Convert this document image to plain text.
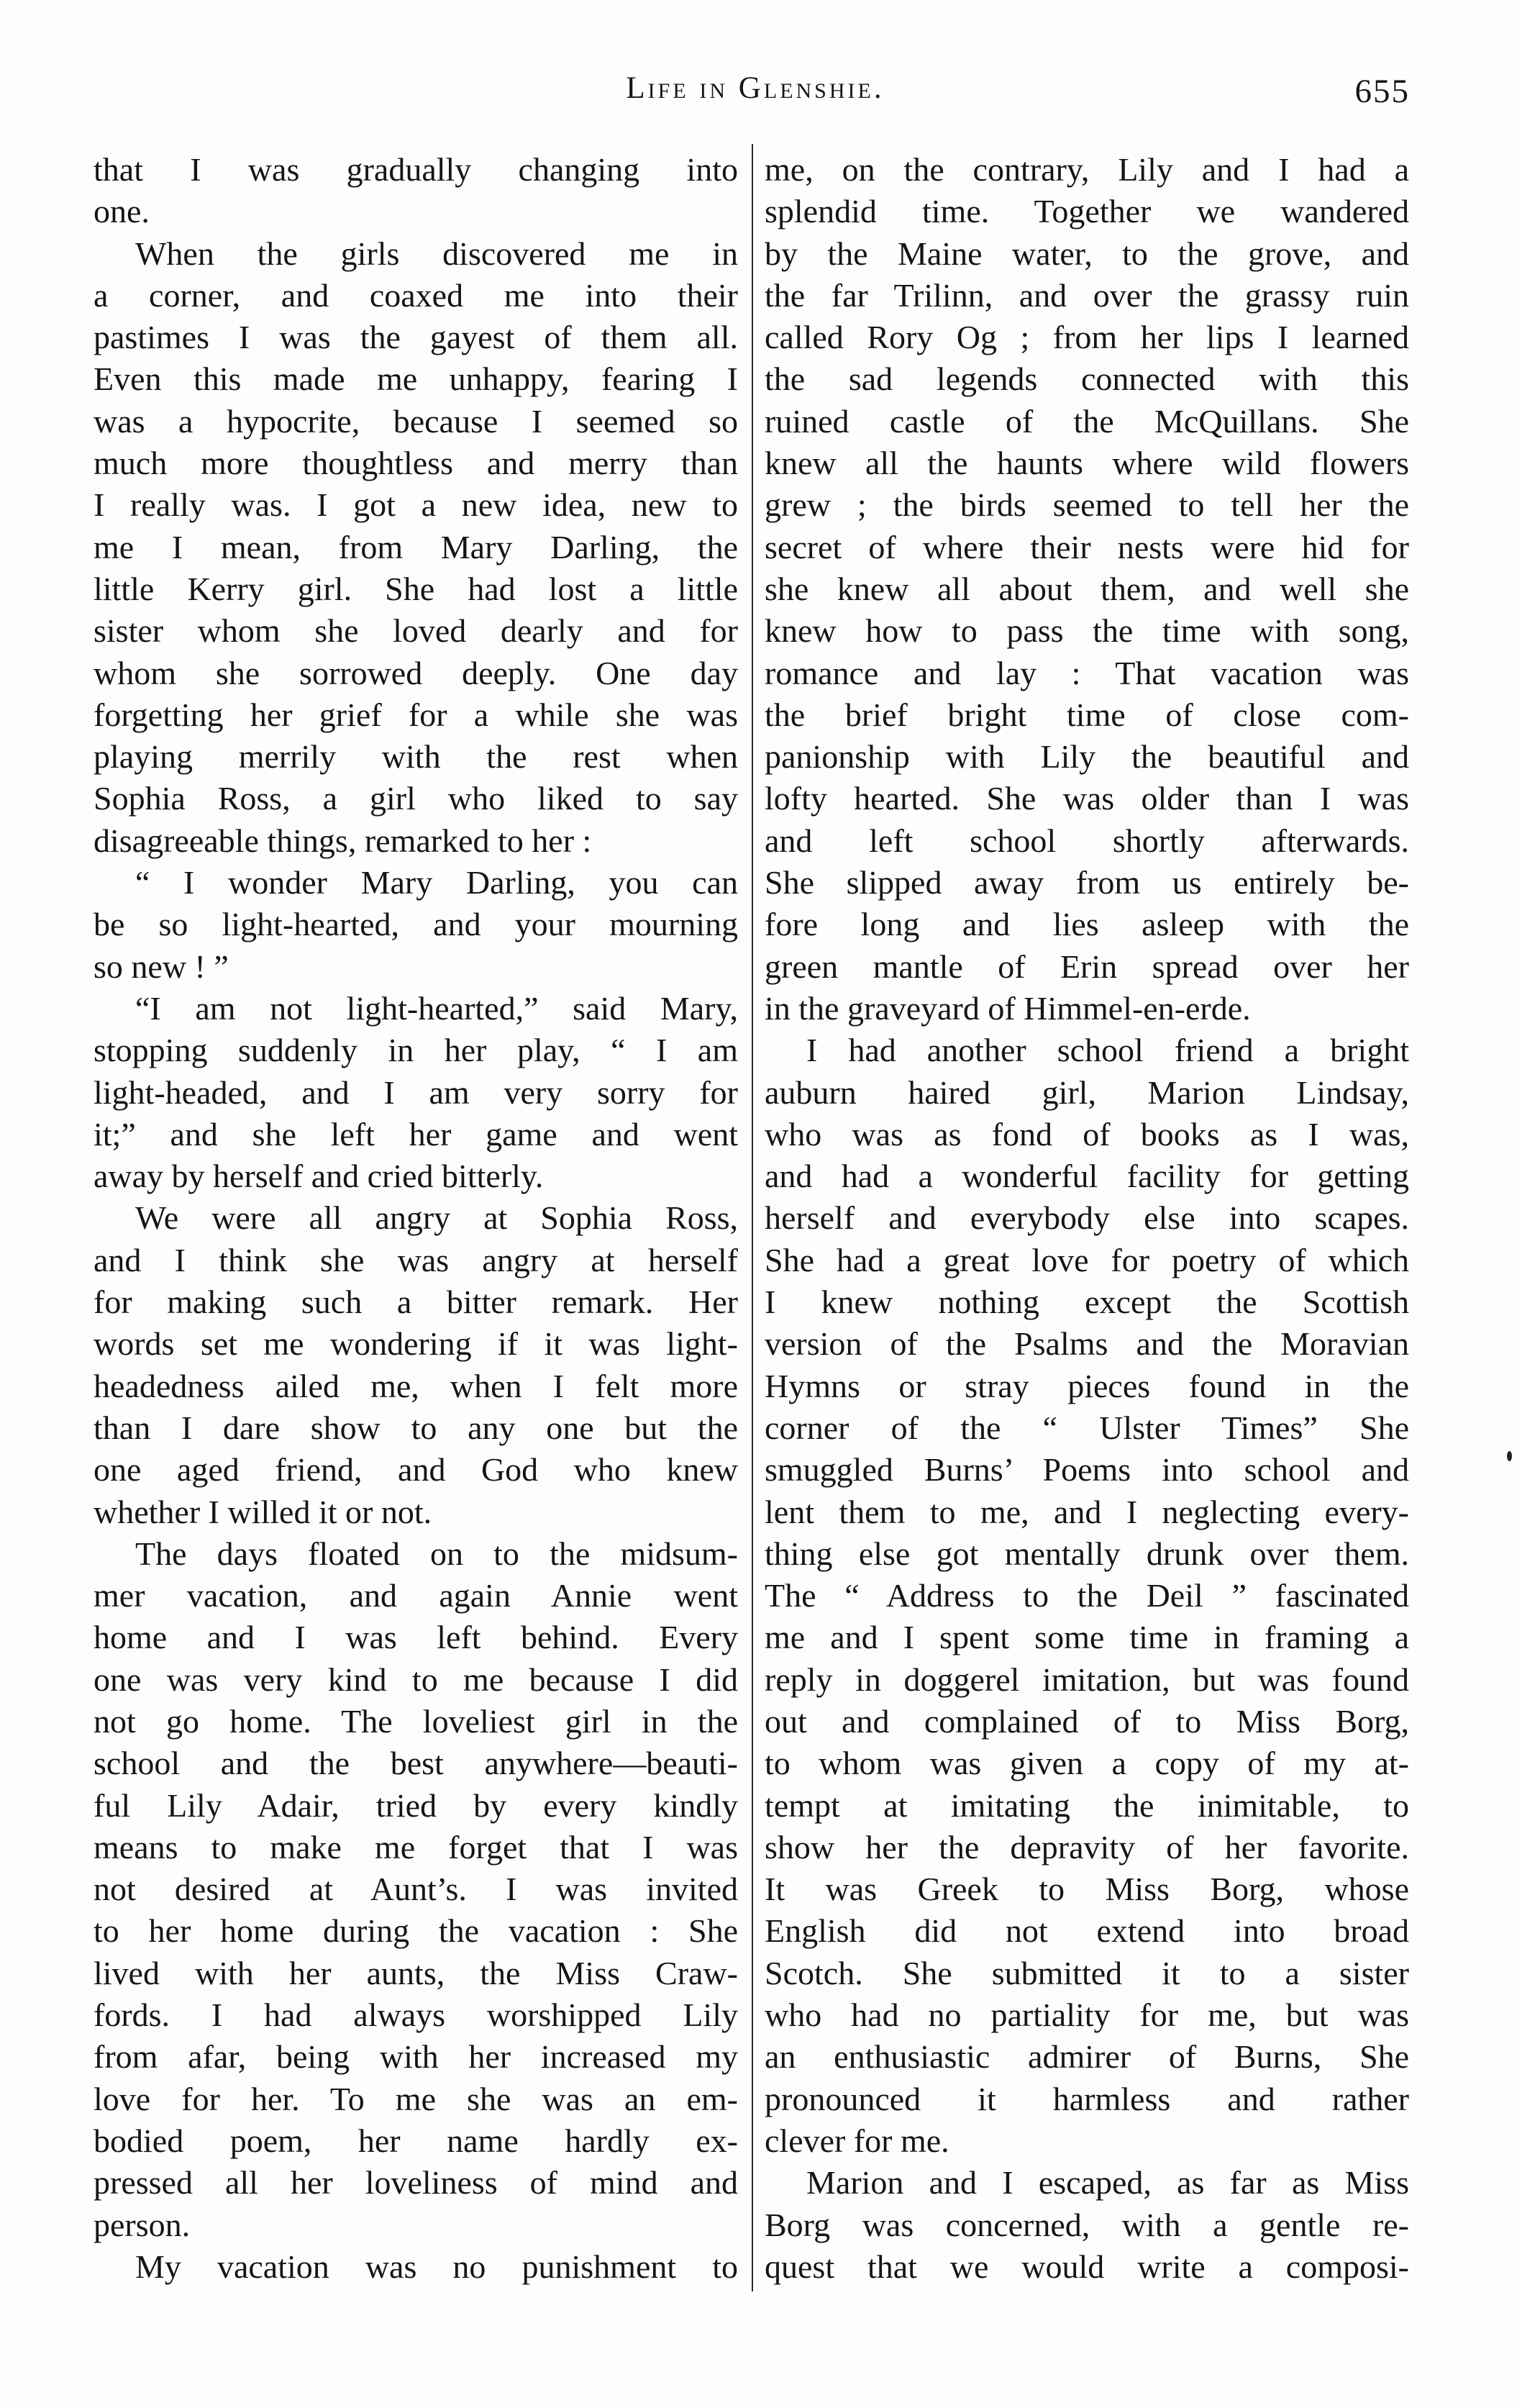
Life in Glenshie.	655
that I was gradually changing into
one.
When the girls discovered me in
a corner, and coaxed me into their
pastimes I was the gayest of them all.
Even this made me unhappy, fearing I
was a hypocrite, because I seemed so
much more thoughtless and merry than
I really was. I got a new idea, new to
me I mean, from Mary Darling, the
little Kerry girl. She had lost a little
sister whom she loved dearly and for
whom she sorrowed deeply. One day
forgetting her grief for a while she was
playing merrily with the rest when
Sophia Ross, a girl who liked to say
disagreeable things, remarked to her :
“ I wonder Mary Darling, you can
be so light-hearted, and your mourning
so new ! ”
“I am not light-hearted,” said Mary,
stopping suddenly in her play, “ I am
light-headed, and I am very sorry for
it;” and she left her game and went
away by herself and cried bitterly.
We were all angry at Sophia Ross,
and I think she was angry at herself
for making such a bitter remark. Her
words set me wondering if it was light-
headedness ailed me, when I felt more
than I dare show to any one but the
one aged friend, and God who knew
whether I willed it or not.
The days floated on to the midsum-
mer vacation, and again Annie went
home and I was left behind. Every
one was very kind to me because I did
not go home. The loveliest girl in the
school and the best anywhere—beauti-
ful Lily Adair, tried by every kindly
means to make me forget that I was
not desired at Aunt’s. I was invited
to her home during the vacation : She
lived with her aunts, the Miss Craw-
fords. I had always worshipped Lily
from afar, being with her increased my
love for her. To me she was an em-
bodied poem, her name hardly ex-
pressed all her loveliness of mind and
person.
My vacation was no punishment to
me, on the contrary, Lily and I had a
splendid time. Together we wandered
by the Maine water, to the grove, and
the far Trilinn, and over the grassy ruin
called Rory Og ; from her lips I learned
the sad legends connected with this
ruined castle of the McQuillans. She
knew all the haunts where wild flowers
grew ; the birds seemed to tell her the
secret of where their nests were hid for
she knew all about them, and well she
knew how to pass the time with song,
romance and lay : That vacation was
the brief bright time of close com-
panionship with Lily the beautiful and
lofty hearted. She was older than I was
and left school shortly afterwards.
She slipped away from us entirely be-
fore long and lies asleep with the
green mantle of Erin spread over her
in the graveyard of Himmel-en-erde.
I had another school friend a bright
auburn haired girl, Marion Lindsay,
who was as fond of books as I was,
and had a wonderful facility for getting
herself and everybody else into scapes.
She had a great love for poetry of which
I knew nothing except the Scottish
version of the Psalms and the Moravian
Hymns or stray pieces found in the
corner of the “ Ulster Times” She
smuggled Burns’ Poems into school and
lent them to me, and I neglecting every-
thing else got mentally drunk over them.
The “ Address to the Deil ” fascinated
me and I spent some time in framing a
reply in doggerel imitation, but was found
out and complained of to Miss Borg,
to whom was given a copy of my at-
tempt at imitating the inimitable, to
show her the depravity of her favorite.
It was Greek to Miss Borg, whose
English did not extend into broad
Scotch. She submitted it to a sister
who had no partiality for me, but was
an enthusiastic admirer of Burns, She
pronounced it harmless and rather
clever for me.
Marion and I escaped, as far as Miss
Borg was concerned, with a gentle re-
quest that we would write a composi-
